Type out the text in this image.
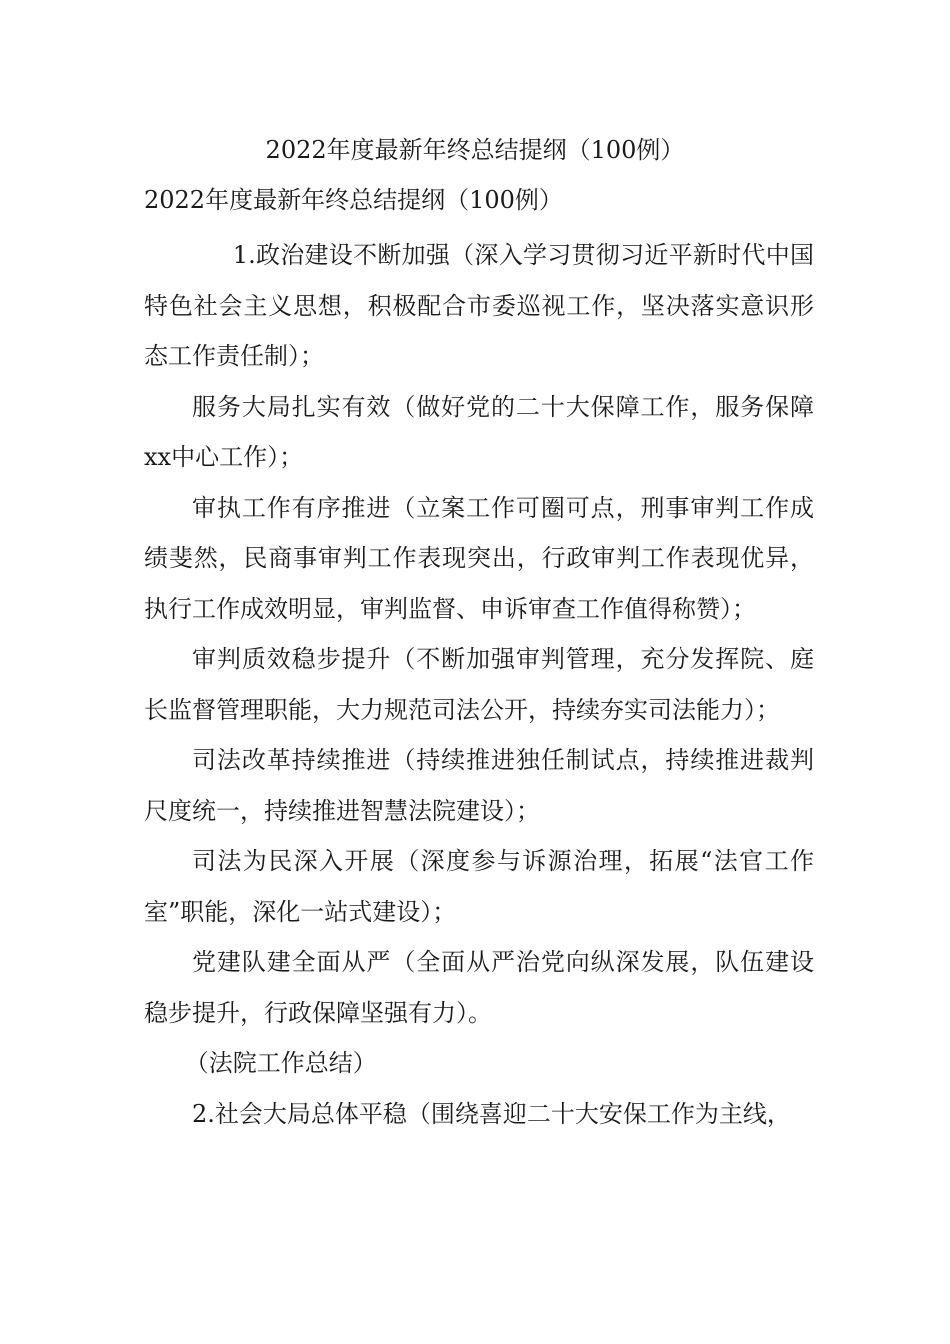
2022年度最新年终总结提纲（100例）
2022年度最新年终总结提纲（100例）

1.政治建设不断加强（深入学习贯彻习近平新时代中国特色社会主义思想，积极配合市委巡视工作，坚决落实意识形态工作责任制）；

服务大局扎实有效（做好党的二十大保障工作，服务保障xx中心工作）；

审执工作有序推进（立案工作可圈可点，刑事审判工作成绩斐然，民商事审判工作表现突出，行政审判工作表现优异，执行工作成效明显，审判监督、申诉审查工作值得称赞）；

审判质效稳步提升（不断加强审判管理，充分发挥院、庭长监督管理职能，大力规范司法公开，持续夯实司法能力）；

司法改革持续推进（持续推进独任制试点，持续推进裁判尺度统一，持续推进智慧法院建设）；

司法为民深入开展（深度参与诉源治理，拓展“法官工作室”职能，深化一站式建设）；

党建队建全面从严（全面从严治党向纵深发展，队伍建设稳步提升，行政保障坚强有力）。

（法院工作总结）

2.社会大局总体平稳（围绕喜迎二十大安保工作为主线，
